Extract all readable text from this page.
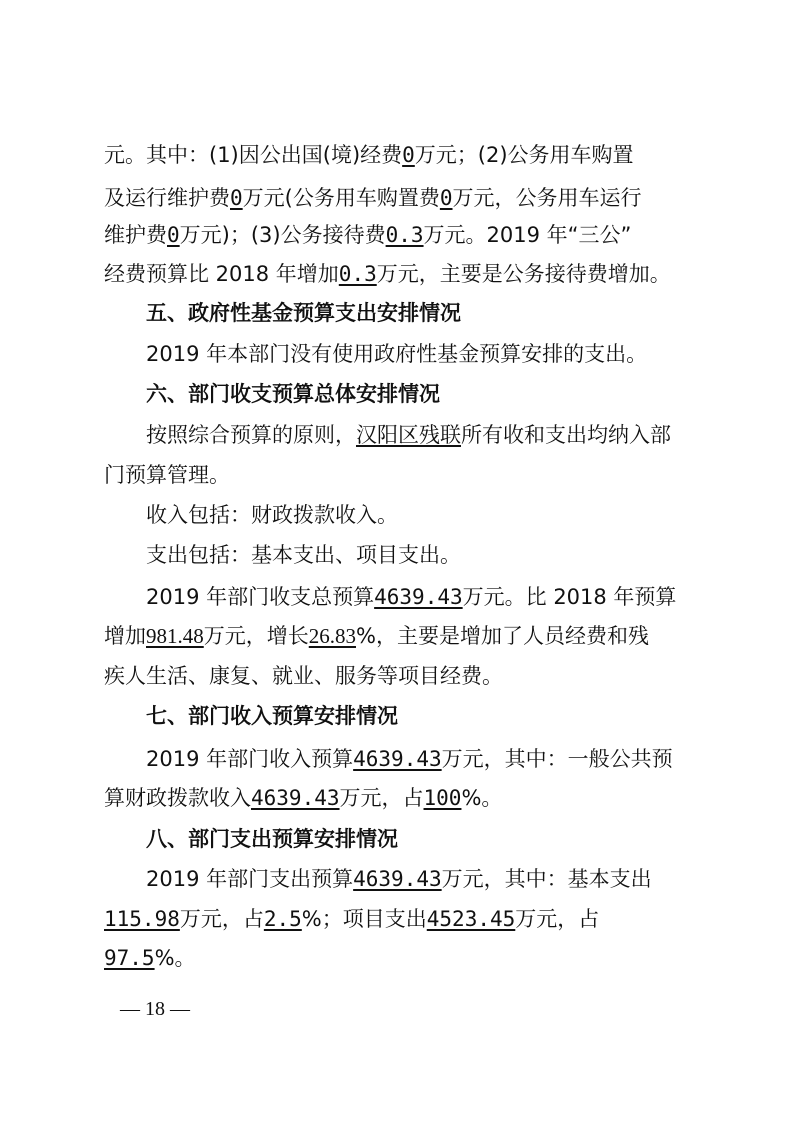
元。其中：(1)因公出国(境)经费0万元；(2)公务用车购置
及运行维护费0万元(公务用车购置费0万元，公务用车运行
维护费0万元)；(3)公务接待费0.3万元。2019 年“三公”
经费预算比 2018 年增加0.3万元，主要是公务接待费增加。
五、政府性基金预算支出安排情况
2019 年本部门没有使用政府性基金预算安排的支出。
六、部门收支预算总体安排情况
按照综合预算的原则，汉阳区残联所有收和支出均纳入部
门预算管理。
收入包括：财政拨款收入。
支出包括：基本支出、项目支出。
2019 年部门收支总预算4639.43万元。比 2018 年预算
增加981.48万元，增长26.83%，主要是增加了人员经费和残
疾人生活、康复、就业、服务等项目经费。
七、部门收入预算安排情况
2019 年部门收入预算4639.43万元，其中：一般公共预
算财政拨款收入4639.43万元，占100%。
八、部门支出预算安排情况
2019 年部门支出预算4639.43万元，其中：基本支出
115.98万元，占2.5%；项目支出4523.45万元，占
97.5%。
— 18 —
